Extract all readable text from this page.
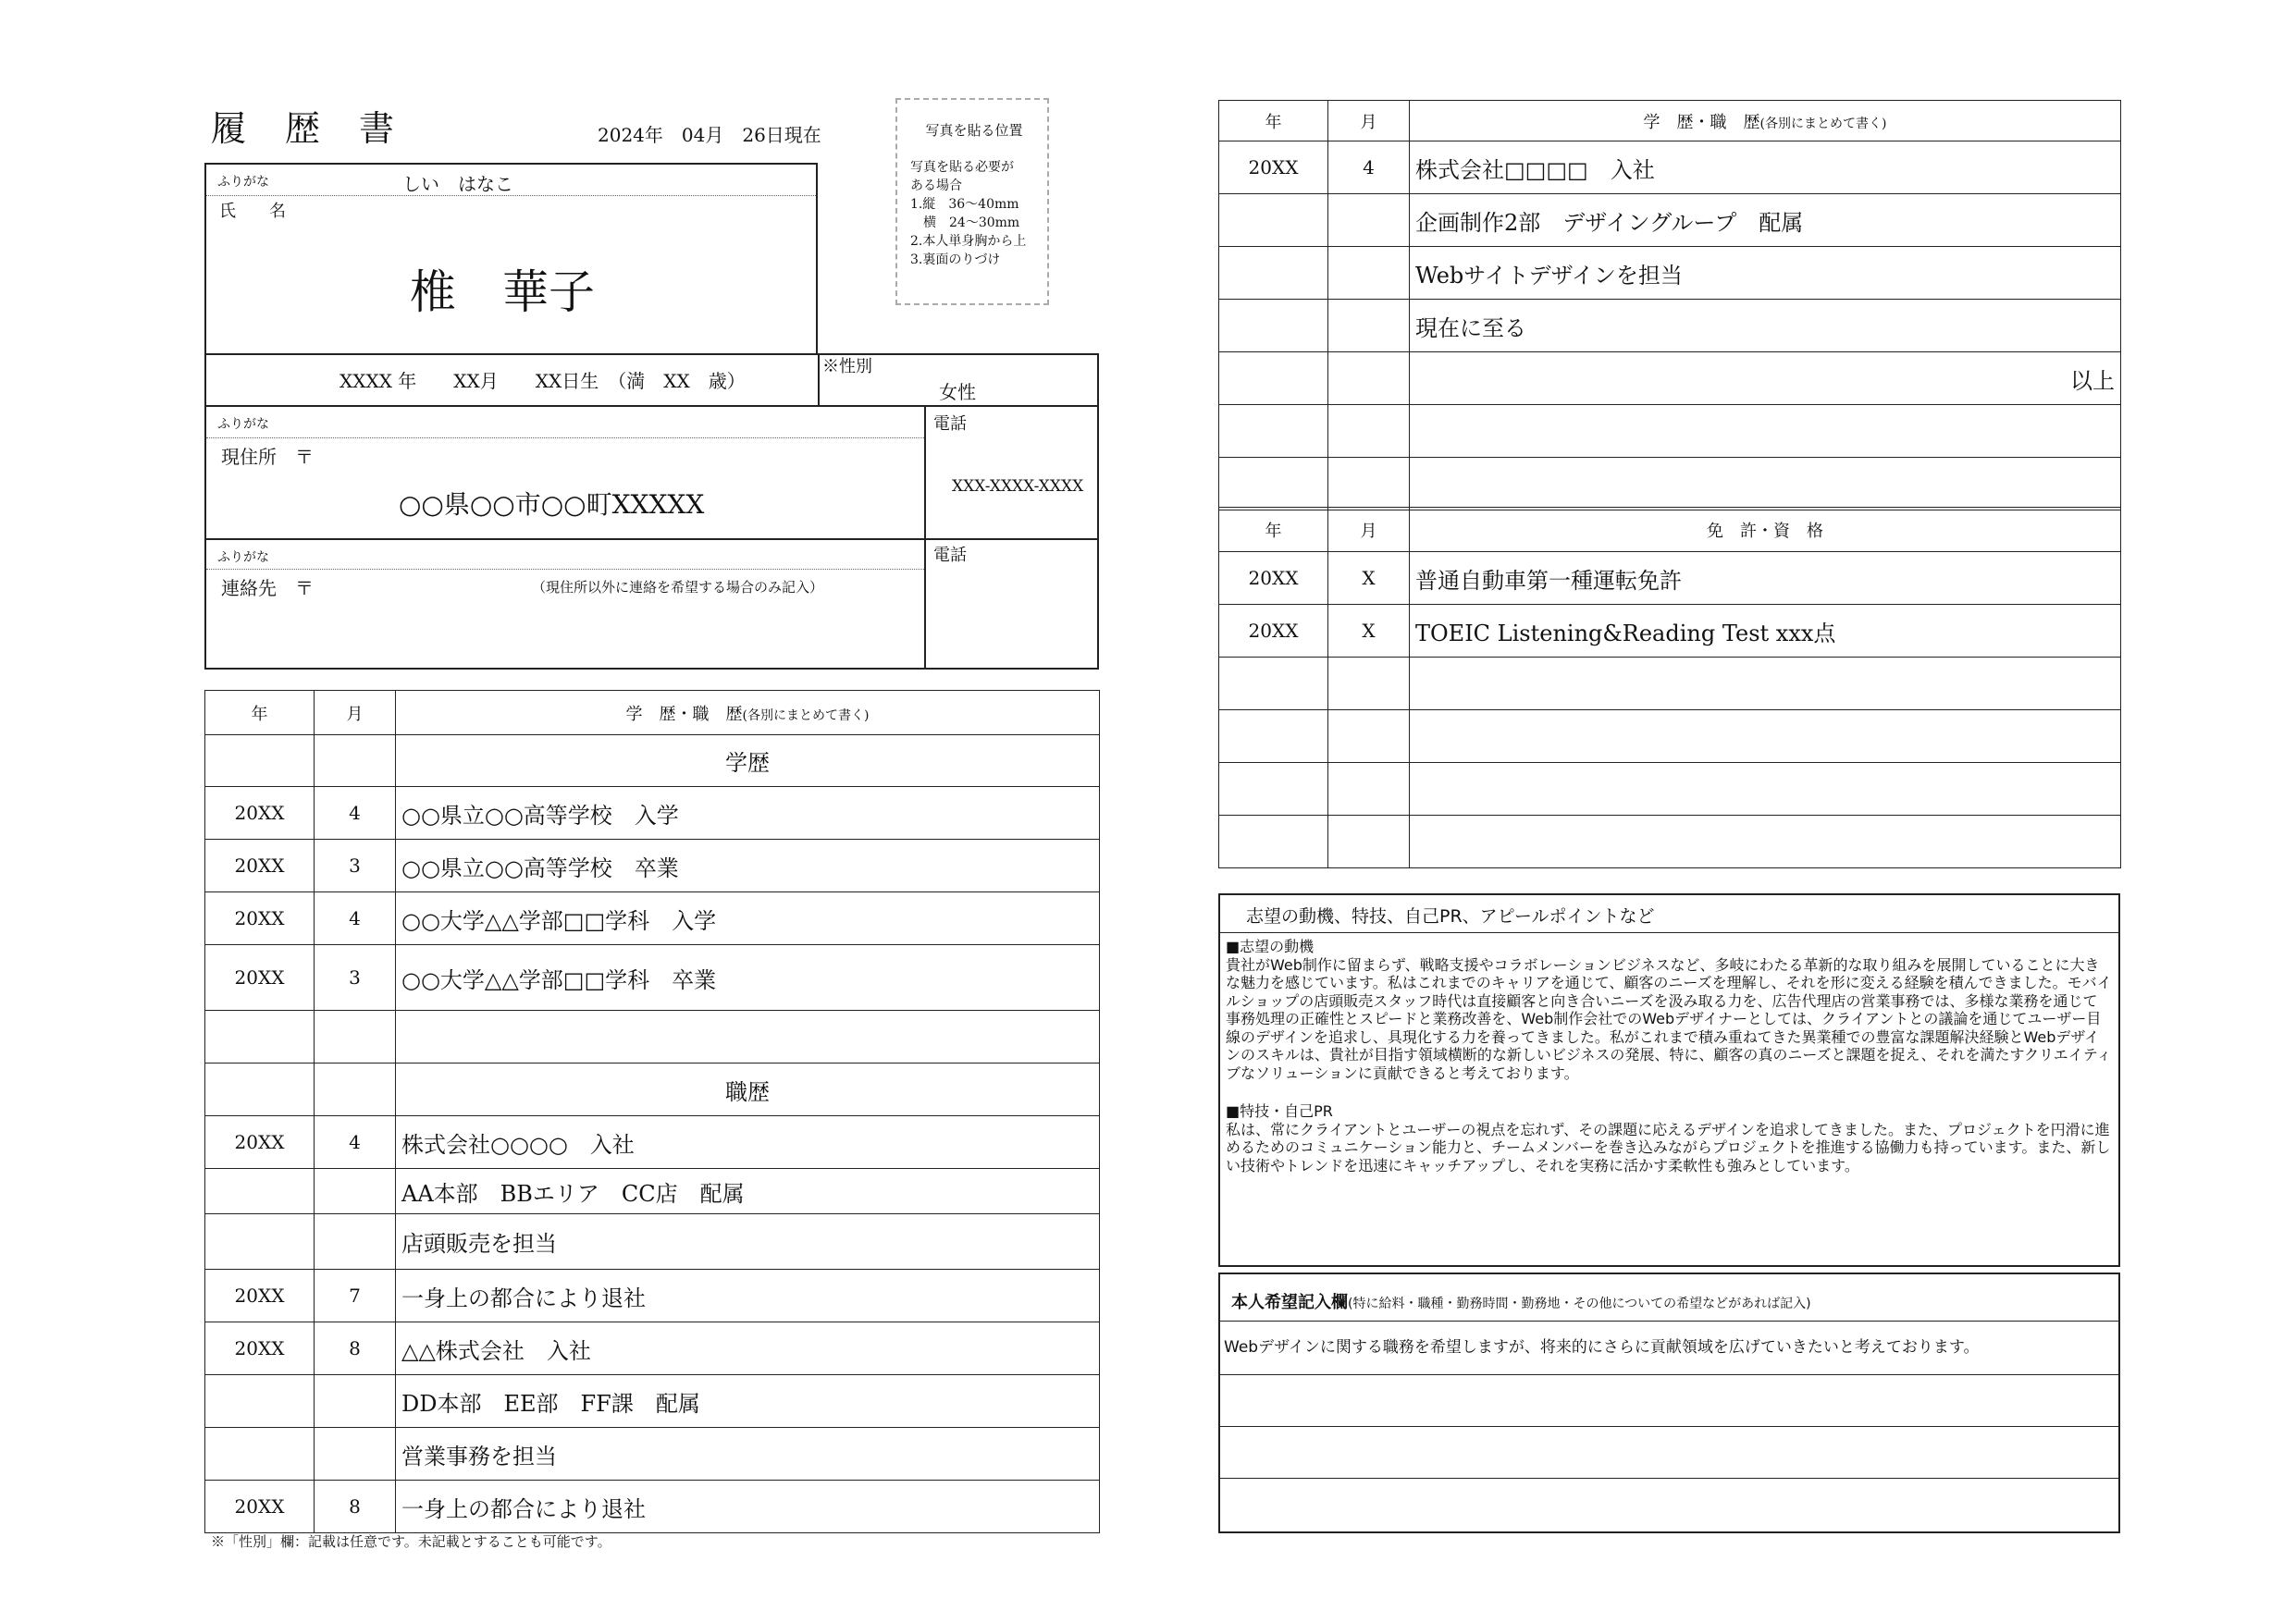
履　歴　書	2024年　04月　26日現在	写真を貼る位置
写真を貼る必要が
ある場合
1.縦　36～40mm
　横　24～30mm
2.本人単身胸から上
3.裏面のりづけ
ふりがな	しい　はなこ
氏　　名
椎　華子
XXXX 年　　XX月　　XX日生　（満　XX　歳）
※性別
女性
ふりがな
現住所　〒
○○県○○市○○町XXXXX
電話
XXX-XXXX-XXXX
ふりがな
連絡先　〒	（現住所以外に連絡を希望する場合のみ記入）
電話
年	月	学　歴・職　歴(各別にまとめて書く)
		学歴
20XX	4	○○県立○○高等学校　入学
20XX	3	○○県立○○高等学校　卒業
20XX	4	○○大学△△学部□□学科　入学
20XX	3	○○大学△△学部□□学科　卒業

		職歴
20XX	4	株式会社○○○○　入社
		AA本部　BBエリア　CC店　配属
		店頭販売を担当
20XX	7	一身上の都合により退社
20XX	8	△△株式会社　入社
		DD本部　EE部　FF課　配属
		営業事務を担当
20XX	8	一身上の都合により退社
※「性別」欄：記載は任意です。未記載とすることも可能です。
年	月	学　歴・職　歴(各別にまとめて書く)
20XX	4	株式会社□□□□　入社
		企画制作2部　デザイングループ　配属
		Webサイトデザインを担当
		現在に至る
		以上

年	月	免　許・資　格
20XX	X	普通自動車第一種運転免許
20XX	X	TOEIC Listening&Reading Test xxx点

志望の動機、特技、自己PR、アピールポイントなど
■志望の動機
貴社がWeb制作に留まらず、戦略支援やコラボレーションビジネスなど、多岐にわたる革新的な取り組みを展開していることに大きな魅力を感じています。私はこれまでのキャリアを通じて、顧客のニーズを理解し、それを形に変える経験を積んできました。モバイルショップの店頭販売スタッフ時代は直接顧客と向き合いニーズを汲み取る力を、広告代理店の営業事務では、多様な業務を通じて事務処理の正確性とスピードと業務改善を、Web制作会社でのWebデザイナーとしては、クライアントとの議論を通じてユーザー目線のデザインを追求し、具現化する力を養ってきました。私がこれまで積み重ねてきた異業種での豊富な課題解決経験とWebデザインのスキルは、貴社が目指す領域横断的な新しいビジネスの発展、特に、顧客の真のニーズと課題を捉え、それを満たすクリエイティブなソリューションに貢献できると考えております。
■特技・自己PR
私は、常にクライアントとユーザーの視点を忘れず、その課題に応えるデザインを追求してきました。また、プロジェクトを円滑に進めるためのコミュニケーション能力と、チームメンバーを巻き込みながらプロジェクトを推進する協働力も持っています。また、新しい技術やトレンドを迅速にキャッチアップし、それを実務に活かす柔軟性も強みとしています。
本人希望記入欄(特に給料・職種・勤務時間・勤務地・その他についての希望などがあれば記入)
Webデザインに関する職務を希望しますが、将来的にさらに貢献領域を広げていきたいと考えております。
